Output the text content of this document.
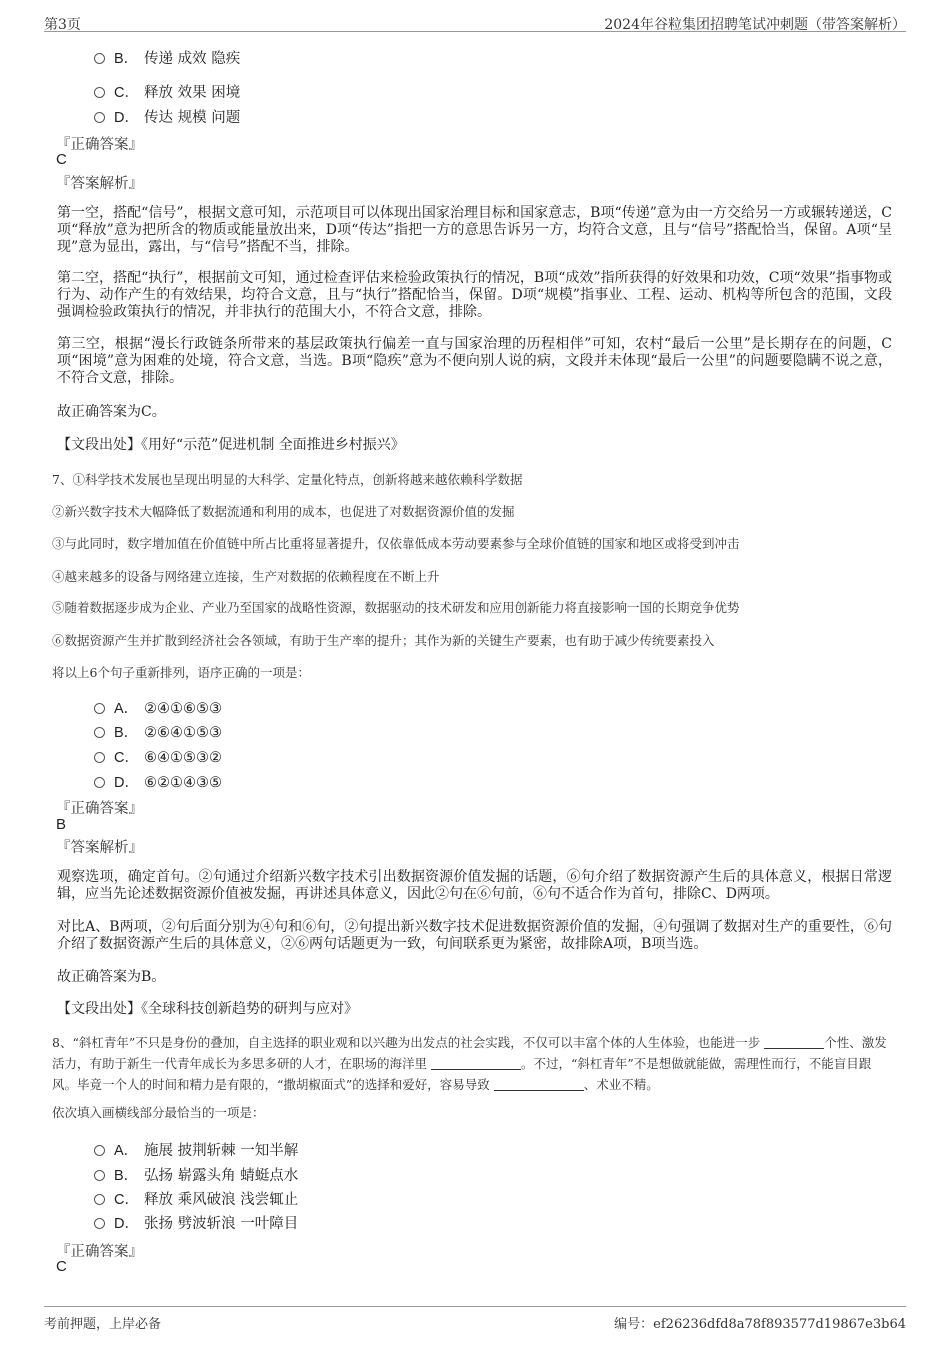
第3页	2024年谷粒集团招聘笔试冲刺题（带答案解析）
B． 传递 成效 隐疾
C． 释放 效果 困境
D． 传达 规模 问题
『正确答案』
C
『答案解析』
第一空，搭配“信号”，根据文意可知，示范项目可以体现出国家治理目标和国家意志，B项“传递”意为由一方交给另一方或辗转递送，C项“释放”意为把所含的物质或能量放出来，D项“传达”指把一方的意思告诉另一方，均符合文意，且与“信号”搭配恰当，保留。A项“呈现”意为显出，露出，与“信号”搭配不当，排除。
第二空，搭配“执行”，根据前文可知，通过检查评估来检验政策执行的情况，B项“成效”指所获得的好效果和功效，C项“效果”指事物或行为、动作产生的有效结果，均符合文意，且与“执行”搭配恰当，保留。D项“规模”指事业、工程、运动、机构等所包含的范围，文段强调检验政策执行的情况，并非执行的范围大小，不符合文意，排除。
第三空，根据“漫长行政链条所带来的基层政策执行偏差一直与国家治理的历程相伴”可知，农村“最后一公里”是长期存在的问题，C项“困境”意为困难的处境，符合文意，当选。B项“隐疾”意为不便向别人说的病，文段并未体现“最后一公里”的问题要隐瞒不说之意，不符合文意，排除。
故正确答案为C。
【文段出处】《用好“示范”促进机制 全面推进乡村振兴》
7、①科学技术发展也呈现出明显的大科学、定量化特点，创新将越来越依赖科学数据
②新兴数字技术大幅降低了数据流通和利用的成本，也促进了对数据资源价值的发掘
③与此同时，数字增加值在价值链中所占比重将显著提升，仅依靠低成本劳动要素参与全球价值链的国家和地区或将受到冲击
④越来越多的设备与网络建立连接，生产对数据的依赖程度在不断上升
⑤随着数据逐步成为企业、产业乃至国家的战略性资源，数据驱动的技术研发和应用创新能力将直接影响一国的长期竞争优势
⑥数据资源产生并扩散到经济社会各领域，有助于生产率的提升；其作为新的关键生产要素，也有助于减少传统要素投入
将以上6个句子重新排列，语序正确的一项是：
A． ②④①⑥⑤③
B． ②⑥④①⑤③
C． ⑥④①⑤③②
D． ⑥②①④③⑤
『正确答案』
B
『答案解析』
观察选项，确定首句。②句通过介绍新兴数字技术引出数据资源价值发掘的话题，⑥句介绍了数据资源产生后的具体意义，根据日常逻辑，应当先论述数据资源价值被发掘，再讲述具体意义，因此②句在⑥句前，⑥句不适合作为首句，排除C、D两项。
对比A、B两项，②句后面分别为④句和⑥句，②句提出新兴数字技术促进数据资源价值的发掘，④句强调了数据对生产的重要性，⑥句介绍了数据资源产生后的具体意义，②⑥两句话题更为一致，句间联系更为紧密，故排除A项，B项当选。
故正确答案为B。
【文段出处】《全球科技创新趋势的研判与应对》
8、“斜杠青年”不只是身份的叠加，自主选择的职业观和以兴趣为出发点的社会实践，不仅可以丰富个体的人生体验，也能进一步	个性、激发活力，有助于新生一代青年成长为多思多研的人才，在职场的海洋里	。不过，“斜杠青年”不是想做就能做，需理性而行，不能盲目跟风。毕竟一个人的时间和精力是有限的，“撒胡椒面式”的选择和爱好，容易导致	、术业不精。
依次填入画横线部分最恰当的一项是：
A． 施展 披荆斩棘 一知半解
B． 弘扬 崭露头角 蜻蜓点水
C． 释放 乘风破浪 浅尝辄止
D． 张扬 劈波斩浪 一叶障目
『正确答案』
C
考前押题，上岸必备	编号：ef26236dfd8a78f893577d19867e3b64
